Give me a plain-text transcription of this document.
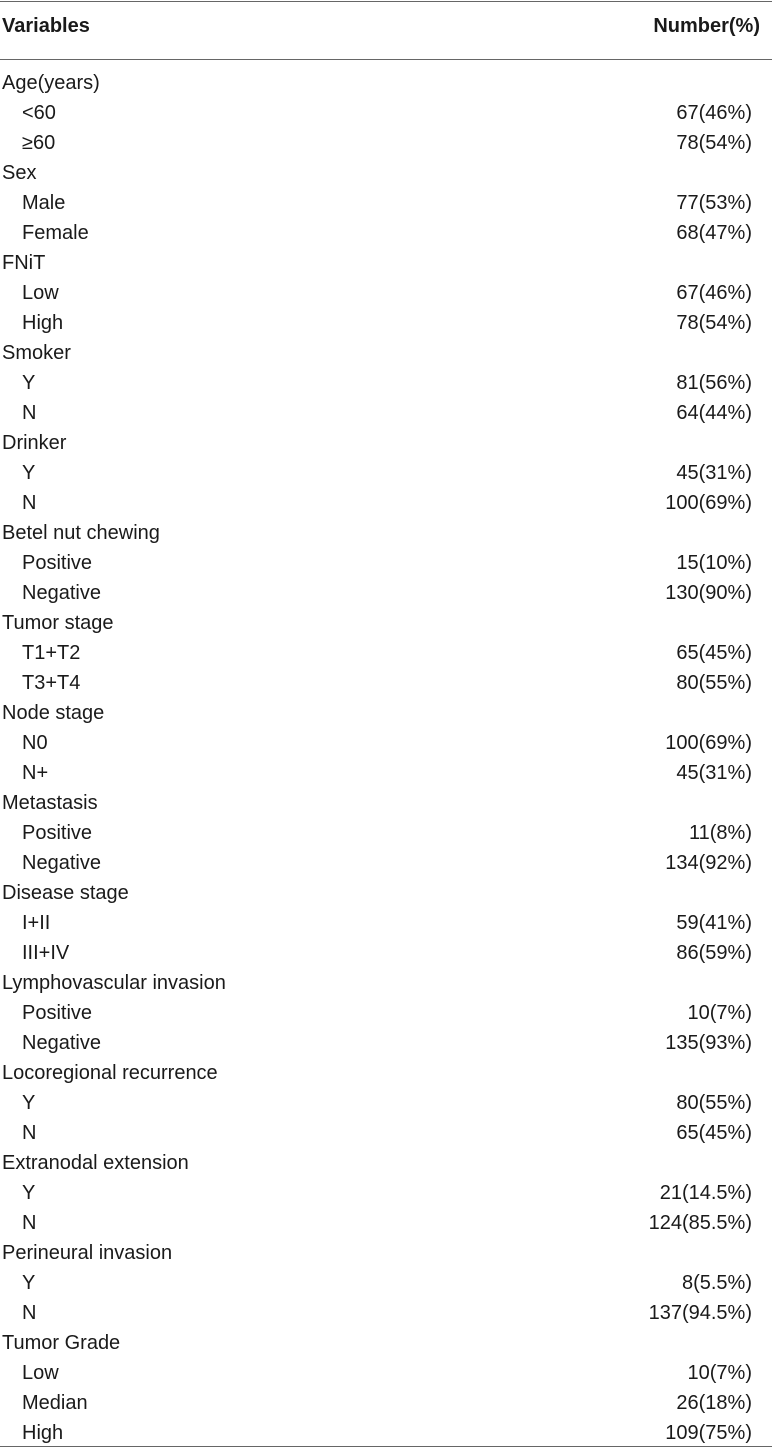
Variables	Number(%)
Age(years)
<60	67(46%)
≥60	78(54%)
Sex
Male	77(53%)
Female	68(47%)
FNiT
Low	67(46%)
High	78(54%)
Smoker
Y	81(56%)
N	64(44%)
Drinker
Y	45(31%)
N	100(69%)
Betel nut chewing
Positive	15(10%)
Negative	130(90%)
Tumor stage
T1+T2	65(45%)
T3+T4	80(55%)
Node stage
N0	100(69%)
N+	45(31%)
Metastasis
Positive	11(8%)
Negative	134(92%)
Disease stage
I+II	59(41%)
III+IV	86(59%)
Lymphovascular invasion
Positive	10(7%)
Negative	135(93%)
Locoregional recurrence
Y	80(55%)
N	65(45%)
Extranodal extension
Y	21(14.5%)
N	124(85.5%)
Perineural invasion
Y	8(5.5%)
N	137(94.5%)
Tumor Grade
Low	10(7%)
Median	26(18%)
High	109(75%)
